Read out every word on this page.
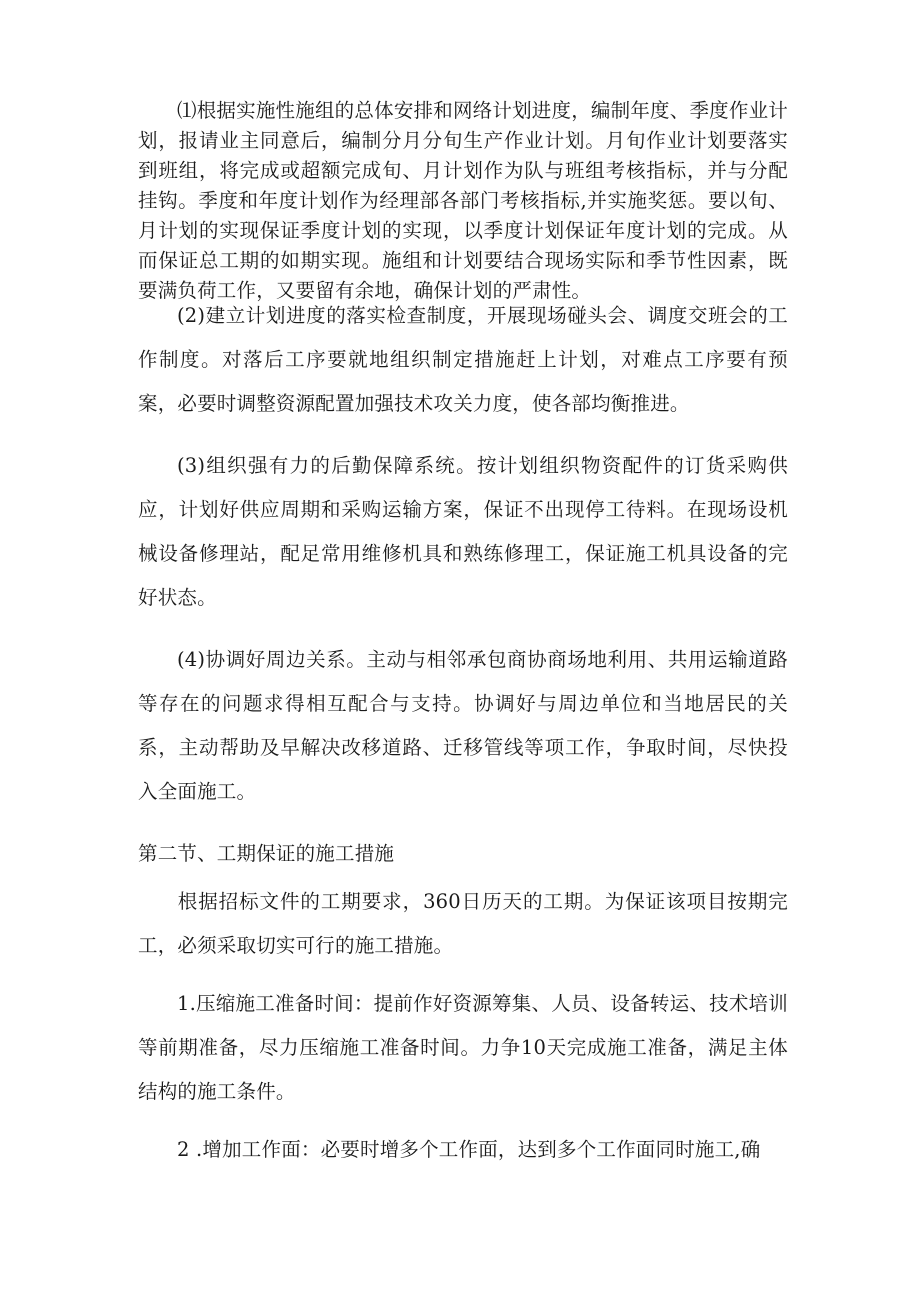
⑴根据实施性施组的总体安排和网络计划进度，编制年度、季度作业计划，报请业主同意后，编制分月分旬生产作业计划。月旬作业计划要落实到班组，将完成或超额完成旬、月计划作为队与班组考核指标，并与分配挂钩。季度和年度计划作为经理部各部门考核指标,并实施奖惩。要以旬、月计划的实现保证季度计划的实现，以季度计划保证年度计划的完成。从而保证总工期的如期实现。施组和计划要结合现场实际和季节性因素，既要满负荷工作，又要留有余地，确保计划的严肃性。

(2)建立计划进度的落实检查制度，开展现场碰头会、调度交班会的工作制度。对落后工序要就地组织制定措施赶上计划，对难点工序要有预案，必要时调整资源配置加强技术攻关力度，使各部均衡推进。

(3)组织强有力的后勤保障系统。按计划组织物资配件的订货采购供应，计划好供应周期和采购运输方案，保证不出现停工待料。在现场设机械设备修理站，配足常用维修机具和熟练修理工，保证施工机具设备的完好状态。

(4)协调好周边关系。主动与相邻承包商协商场地利用、共用运输道路等存在的问题求得相互配合与支持。协调好与周边单位和当地居民的关系，主动帮助及早解决改移道路、迁移管线等项工作，争取时间，尽快投入全面施工。

第二节、工期保证的施工措施

根据招标文件的工期要求，360日历天的工期。为保证该项目按期完工，必须采取切实可行的施工措施。

1.压缩施工准备时间：提前作好资源筹集、人员、设备转运、技术培训等前期准备，尽力压缩施工准备时间。力争10天完成施工准备，满足主体结构的施工条件。

2 .增加工作面：必要时增多个工作面，达到多个工作面同时施工,确
